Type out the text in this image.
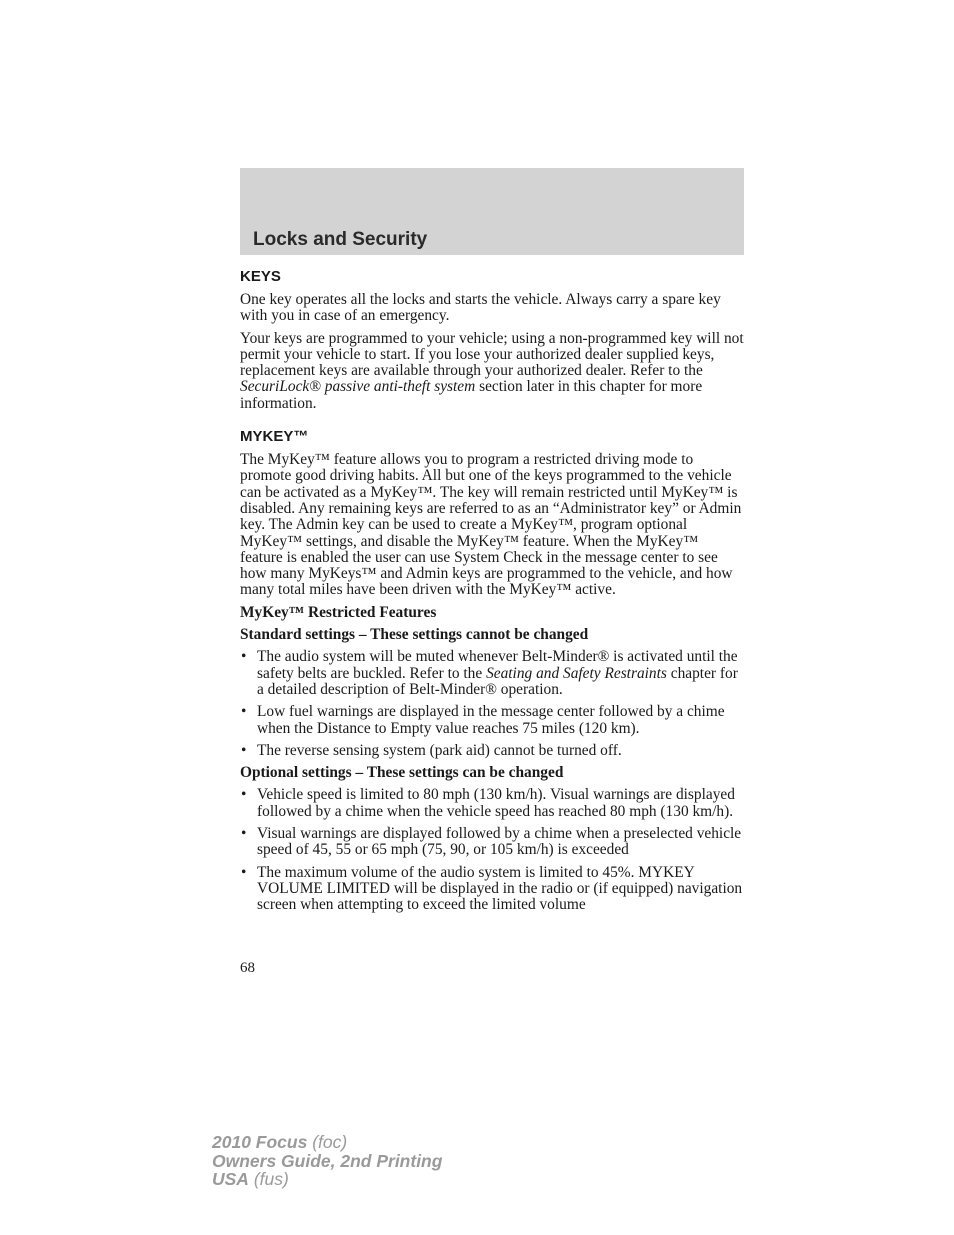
Locks and Security
KEYS

One key operates all the locks and starts the vehicle. Always carry a spare key with you in case of an emergency.

Your keys are programmed to your vehicle; using a non-programmed key will not permit your vehicle to start. If you lose your authorized dealer supplied keys, replacement keys are available through your authorized dealer. Refer to the SecuriLock® passive anti-theft system section later in this chapter for more information.

MYKEY™

The MyKey™ feature allows you to program a restricted driving mode to promote good driving habits. All but one of the keys programmed to the vehicle can be activated as a MyKey™. The key will remain restricted until MyKey™ is disabled. Any remaining keys are referred to as an “Administrator key” or Admin key. The Admin key can be used to create a MyKey™, program optional MyKey™ settings, and disable the MyKey™ feature. When the MyKey™ feature is enabled the user can use System Check in the message center to see how many MyKeys™ and Admin keys are programmed to the vehicle, and how many total miles have been driven with the MyKey™ active.

MyKey™ Restricted Features

Standard settings – These settings cannot be changed

• The audio system will be muted whenever Belt-Minder® is activated until the safety belts are buckled. Refer to the Seating and Safety Restraints chapter for a detailed description of Belt-Minder® operation.
• Low fuel warnings are displayed in the message center followed by a chime when the Distance to Empty value reaches 75 miles (120 km).
• The reverse sensing system (park aid) cannot be turned off.

Optional settings – These settings can be changed

• Vehicle speed is limited to 80 mph (130 km/h). Visual warnings are displayed followed by a chime when the vehicle speed has reached 80 mph (130 km/h).
• Visual warnings are displayed followed by a chime when a preselected vehicle speed of 45, 55 or 65 mph (75, 90, or 105 km/h) is exceeded
• The maximum volume of the audio system is limited to 45%. MYKEY VOLUME LIMITED will be displayed in the radio or (if equipped) navigation screen when attempting to exceed the limited volume
68
2010 Focus (foc)
Owners Guide, 2nd Printing
USA (fus)
